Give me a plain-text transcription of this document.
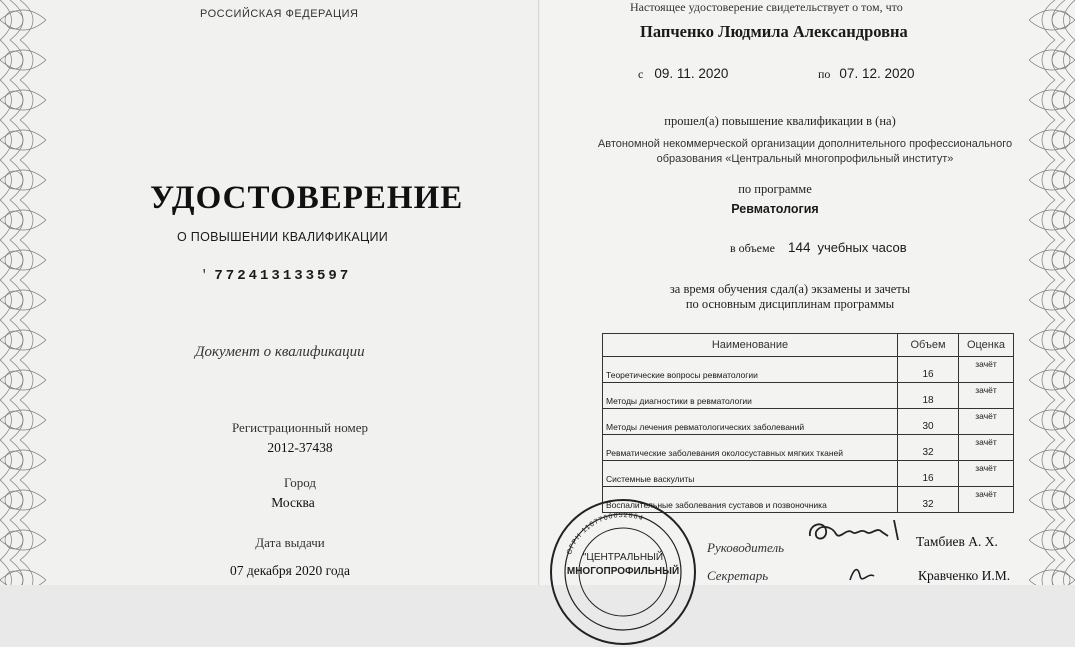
РОССИЙСКАЯ ФЕДЕРАЦИЯ
УДОСТОВЕРЕНИЕ
О ПОВЫШЕНИИ КВАЛИФИКАЦИИ
ꞌ 772413133597
Документ о квалификации
Регистрационный номер
2012-37438
Город
Москва
Дата выдачи
07 декабря 2020 года
Настоящее удостоверение свидетельствует о том, что
Папченко Людмила Александровна
с 09. 11. 2020	по 07. 12. 2020
прошел(а) повышение квалификации в (на)
Автономной некоммерческой организации дополнительного профессионального
образования «Центральный многопрофильный институт»
по программе
Ревматология
в объеме 144 учебных часов
за время обучения сдал(а) экзамены и зачеты
по основным дисциплинам программы
Наименование	Объем	Оценка
Теоретические вопросы ревматологии	16	зачёт
Методы диагностики в ревматологии	18	зачёт
Методы лечения ревматологических заболеваний	30	зачёт
Ревматические заболевания околосуставных мягких тканей	32	зачёт
Системные васкулиты	16	зачёт
Воспалительные заболевания суставов и позвоночника	32	зачёт
ОГРН 1167700052864
"ЦЕНТРАЛЬНЫЙ
МНОГОПРОФИЛЬНЫЙ
Руководитель	Тамбиев А. Х.
Секретарь	Кравченко И.М.
